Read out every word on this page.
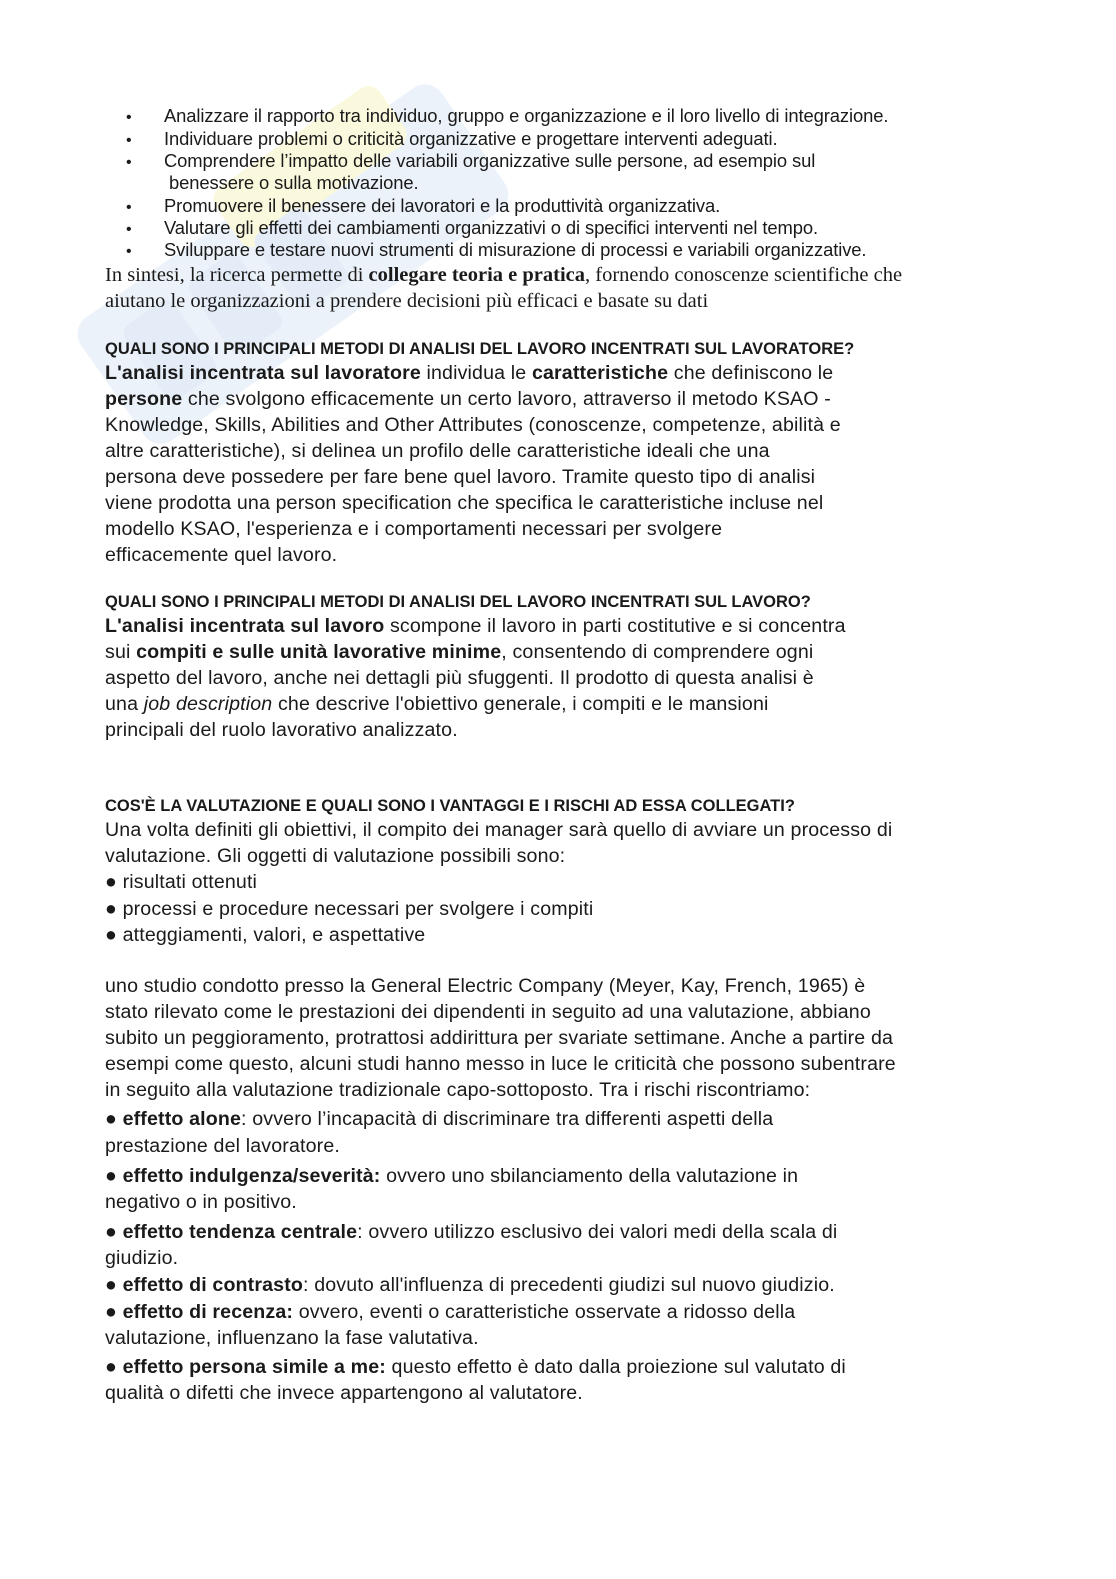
• Analizzare il rapporto tra individuo, gruppo e organizzazione e il loro livello di integrazione.
• Individuare problemi o criticità organizzative e progettare interventi adeguati.
• Comprendere l’impatto delle variabili organizzative sulle persone, ad esempio sul
benessere o sulla motivazione.
• Promuovere il benessere dei lavoratori e la produttività organizzativa.
• Valutare gli effetti dei cambiamenti organizzativi o di specifici interventi nel tempo.
• Sviluppare e testare nuovi strumenti di misurazione di processi e variabili organizzative.
In sintesi, la ricerca permette di collegare teoria e pratica, fornendo conoscenze scientifiche che
aiutano le organizzazioni a prendere decisioni più efficaci e basate su dati
QUALI SONO I PRINCIPALI METODI DI ANALISI DEL LAVORO INCENTRATI SUL LAVORATORE?
L'analisi incentrata sul lavoratore individua le caratteristiche che definiscono le
persone che svolgono efficacemente un certo lavoro, attraverso il metodo KSAO -
Knowledge, Skills, Abilities and Other Attributes (conoscenze, competenze, abilità e
altre caratteristiche), si delinea un profilo delle caratteristiche ideali che una
persona deve possedere per fare bene quel lavoro. Tramite questo tipo di analisi
viene prodotta una person specification che specifica le caratteristiche incluse nel
modello KSAO, l'esperienza e i comportamenti necessari per svolgere
efficacemente quel lavoro.
QUALI SONO I PRINCIPALI METODI DI ANALISI DEL LAVORO INCENTRATI SUL LAVORO?
L'analisi incentrata sul lavoro scompone il lavoro in parti costitutive e si concentra
sui compiti e sulle unità lavorative minime, consentendo di comprendere ogni
aspetto del lavoro, anche nei dettagli più sfuggenti. Il prodotto di questa analisi è
una job description che descrive l'obiettivo generale, i compiti e le mansioni
principali del ruolo lavorativo analizzato.
COS'È LA VALUTAZIONE E QUALI SONO I VANTAGGI E I RISCHI AD ESSA COLLEGATI?
Una volta definiti gli obiettivi, il compito dei manager sarà quello di avviare un processo di
valutazione. Gli oggetti di valutazione possibili sono:
● risultati ottenuti
● processi e procedure necessari per svolgere i compiti
● atteggiamenti, valori, e aspettative
uno studio condotto presso la General Electric Company (Meyer, Kay, French, 1965) è
stato rilevato come le prestazioni dei dipendenti in seguito ad una valutazione, abbiano
subito un peggioramento, protrattosi addirittura per svariate settimane. Anche a partire da
esempi come questo, alcuni studi hanno messo in luce le criticità che possono subentrare
in seguito alla valutazione tradizionale capo-sottoposto. Tra i rischi riscontriamo:
● effetto alone: ovvero l’incapacità di discriminare tra differenti aspetti della
prestazione del lavoratore.
● effetto indulgenza/severità: ovvero uno sbilanciamento della valutazione in
negativo o in positivo.
● effetto tendenza centrale: ovvero utilizzo esclusivo dei valori medi della scala di
giudizio.
● effetto di contrasto: dovuto all'influenza di precedenti giudizi sul nuovo giudizio.
● effetto di recenza: ovvero, eventi o caratteristiche osservate a ridosso della
valutazione, influenzano la fase valutativa.
● effetto persona simile a me: questo effetto è dato dalla proiezione sul valutato di
qualità o difetti che invece appartengono al valutatore.
